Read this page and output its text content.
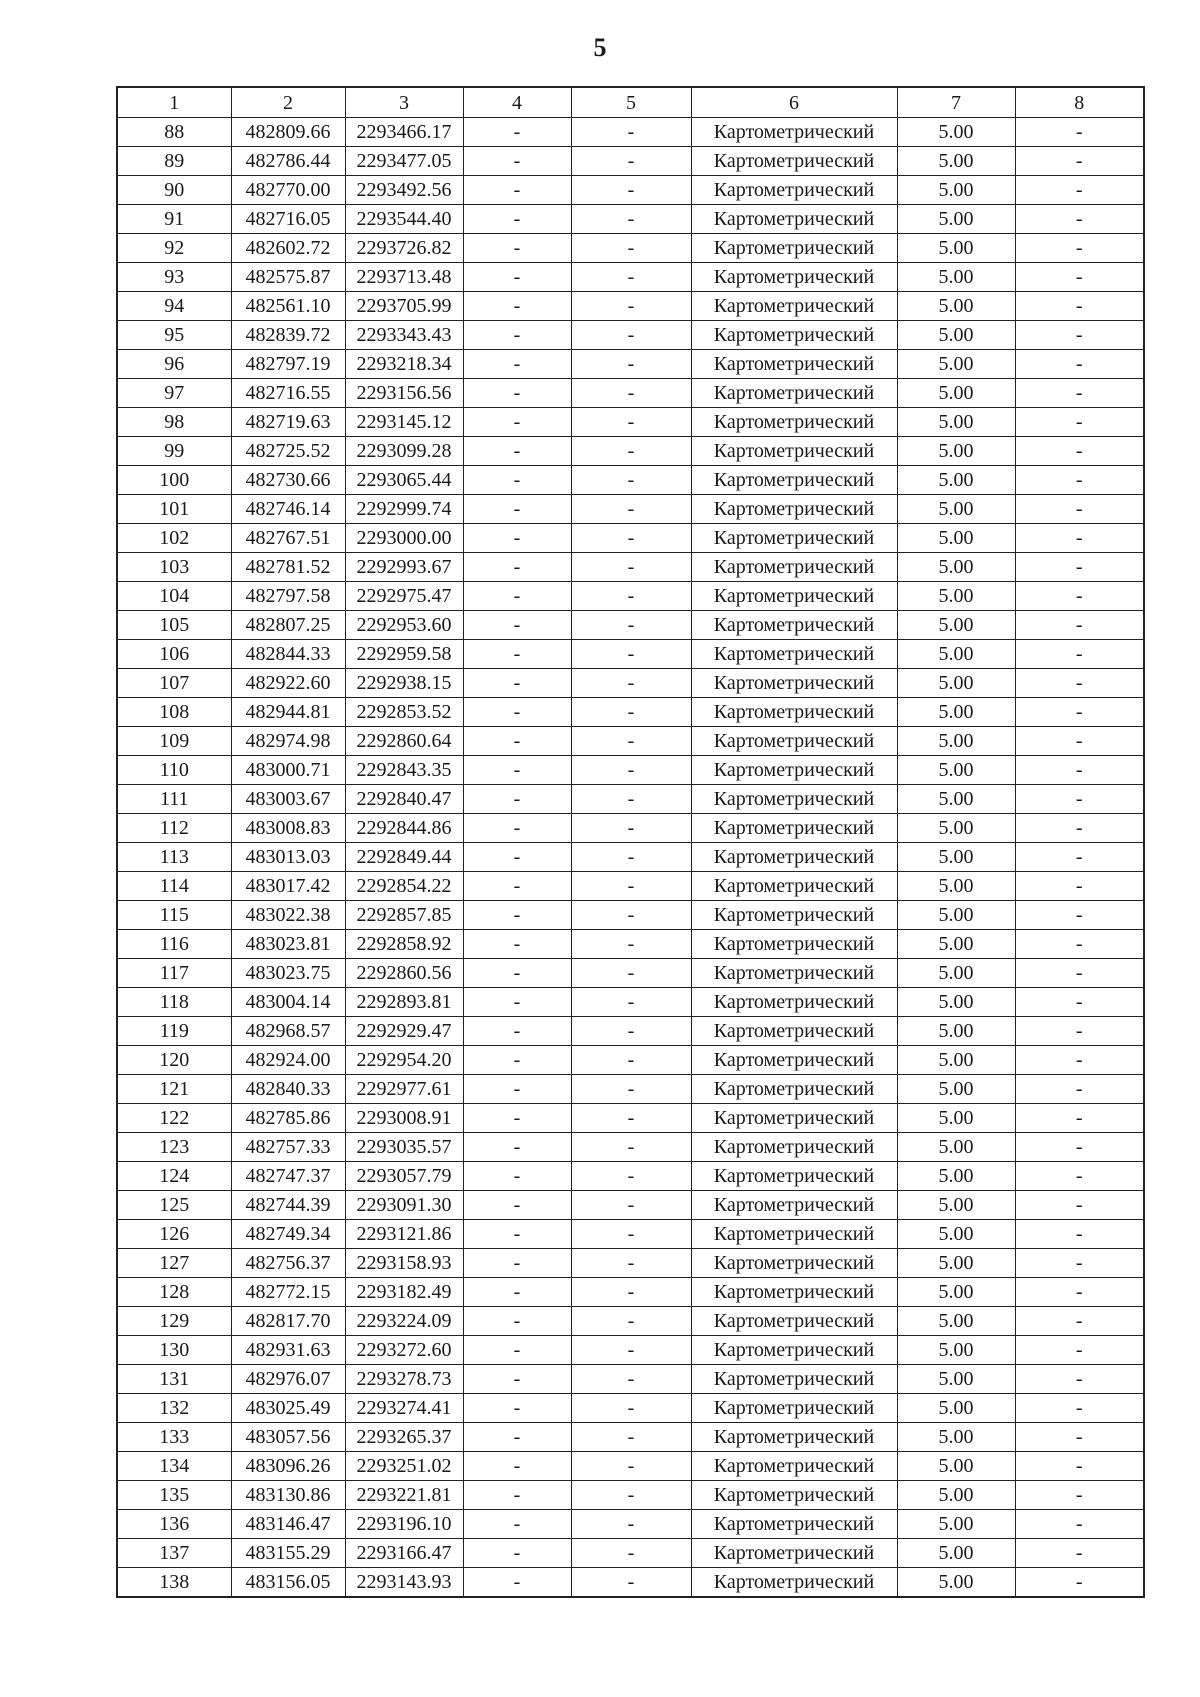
5
1	2	3	4	5	6	7	8
88	482809.66	2293466.17	-	-	Картометрический	5.00	-
89	482786.44	2293477.05	-	-	Картометрический	5.00	-
90	482770.00	2293492.56	-	-	Картометрический	5.00	-
91	482716.05	2293544.40	-	-	Картометрический	5.00	-
92	482602.72	2293726.82	-	-	Картометрический	5.00	-
93	482575.87	2293713.48	-	-	Картометрический	5.00	-
94	482561.10	2293705.99	-	-	Картометрический	5.00	-
95	482839.72	2293343.43	-	-	Картометрический	5.00	-
96	482797.19	2293218.34	-	-	Картометрический	5.00	-
97	482716.55	2293156.56	-	-	Картометрический	5.00	-
98	482719.63	2293145.12	-	-	Картометрический	5.00	-
99	482725.52	2293099.28	-	-	Картометрический	5.00	-
100	482730.66	2293065.44	-	-	Картометрический	5.00	-
101	482746.14	2292999.74	-	-	Картометрический	5.00	-
102	482767.51	2293000.00	-	-	Картометрический	5.00	-
103	482781.52	2292993.67	-	-	Картометрический	5.00	-
104	482797.58	2292975.47	-	-	Картометрический	5.00	-
105	482807.25	2292953.60	-	-	Картометрический	5.00	-
106	482844.33	2292959.58	-	-	Картометрический	5.00	-
107	482922.60	2292938.15	-	-	Картометрический	5.00	-
108	482944.81	2292853.52	-	-	Картометрический	5.00	-
109	482974.98	2292860.64	-	-	Картометрический	5.00	-
110	483000.71	2292843.35	-	-	Картометрический	5.00	-
111	483003.67	2292840.47	-	-	Картометрический	5.00	-
112	483008.83	2292844.86	-	-	Картометрический	5.00	-
113	483013.03	2292849.44	-	-	Картометрический	5.00	-
114	483017.42	2292854.22	-	-	Картометрический	5.00	-
115	483022.38	2292857.85	-	-	Картометрический	5.00	-
116	483023.81	2292858.92	-	-	Картометрический	5.00	-
117	483023.75	2292860.56	-	-	Картометрический	5.00	-
118	483004.14	2292893.81	-	-	Картометрический	5.00	-
119	482968.57	2292929.47	-	-	Картометрический	5.00	-
120	482924.00	2292954.20	-	-	Картометрический	5.00	-
121	482840.33	2292977.61	-	-	Картометрический	5.00	-
122	482785.86	2293008.91	-	-	Картометрический	5.00	-
123	482757.33	2293035.57	-	-	Картометрический	5.00	-
124	482747.37	2293057.79	-	-	Картометрический	5.00	-
125	482744.39	2293091.30	-	-	Картометрический	5.00	-
126	482749.34	2293121.86	-	-	Картометрический	5.00	-
127	482756.37	2293158.93	-	-	Картометрический	5.00	-
128	482772.15	2293182.49	-	-	Картометрический	5.00	-
129	482817.70	2293224.09	-	-	Картометрический	5.00	-
130	482931.63	2293272.60	-	-	Картометрический	5.00	-
131	482976.07	2293278.73	-	-	Картометрический	5.00	-
132	483025.49	2293274.41	-	-	Картометрический	5.00	-
133	483057.56	2293265.37	-	-	Картометрический	5.00	-
134	483096.26	2293251.02	-	-	Картометрический	5.00	-
135	483130.86	2293221.81	-	-	Картометрический	5.00	-
136	483146.47	2293196.10	-	-	Картометрический	5.00	-
137	483155.29	2293166.47	-	-	Картометрический	5.00	-
138	483156.05	2293143.93	-	-	Картометрический	5.00	-
